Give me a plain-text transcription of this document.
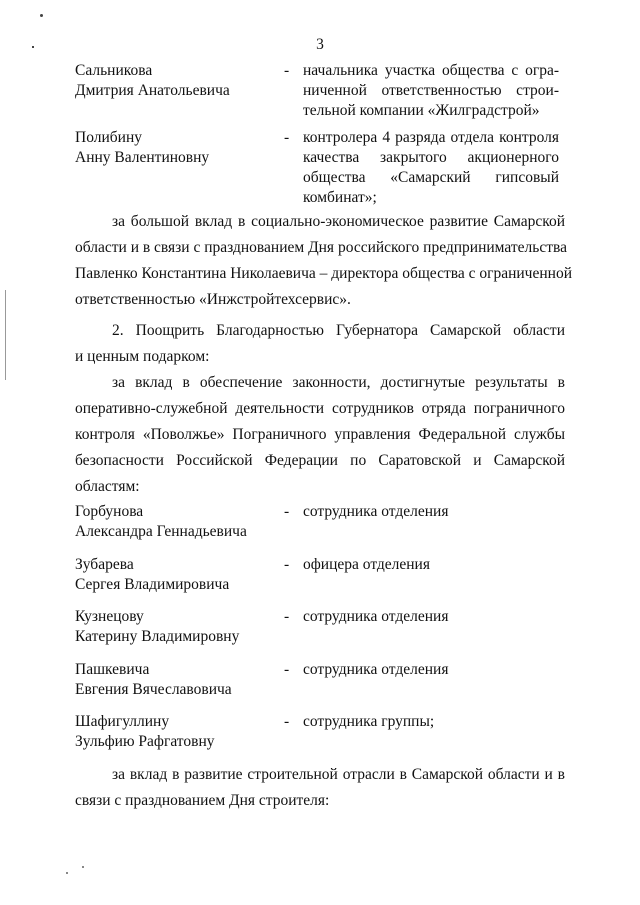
3
Сальникова
Дмитрия Анатольевича
- начальника участка общества с огра-
ниченной ответственностью строи-
тельной компании «Жилградстрой»
Полибину
Анну Валентиновну
- контролера 4 разряда отдела контроля
качества закрытого акционерного
общества «Самарский гипсовый
комбинат»;
за большой вклад в социально-экономическое развитие Самарской
области и в связи с празднованием Дня российского предпринимательства
Павленко Константина Николаевича – директора общества с ограниченной
ответственностью «Инжстройтехсервис».
2. Поощрить Благодарностью Губернатора Самарской области
и ценным подарком:
за вклад в обеспечение законности, достигнутые результаты в
оперативно-служебной деятельности сотрудников отряда пограничного
контроля «Поволжье» Пограничного управления Федеральной службы
безопасности Российской Федерации по Саратовской и Самарской
областям:
Горбунова
Александра Геннадьевича
- сотрудника отделения
Зубарева
Сергея Владимировича
- офицера отделения
Кузнецову
Катерину Владимировну
- сотрудника отделения
Пашкевича
Евгения Вячеславовича
- сотрудника отделения
Шафигуллину
Зульфию Рафгатовну
- сотрудника группы;
за вклад в развитие строительной отрасли в Самарской области и в
связи с празднованием Дня строителя:
